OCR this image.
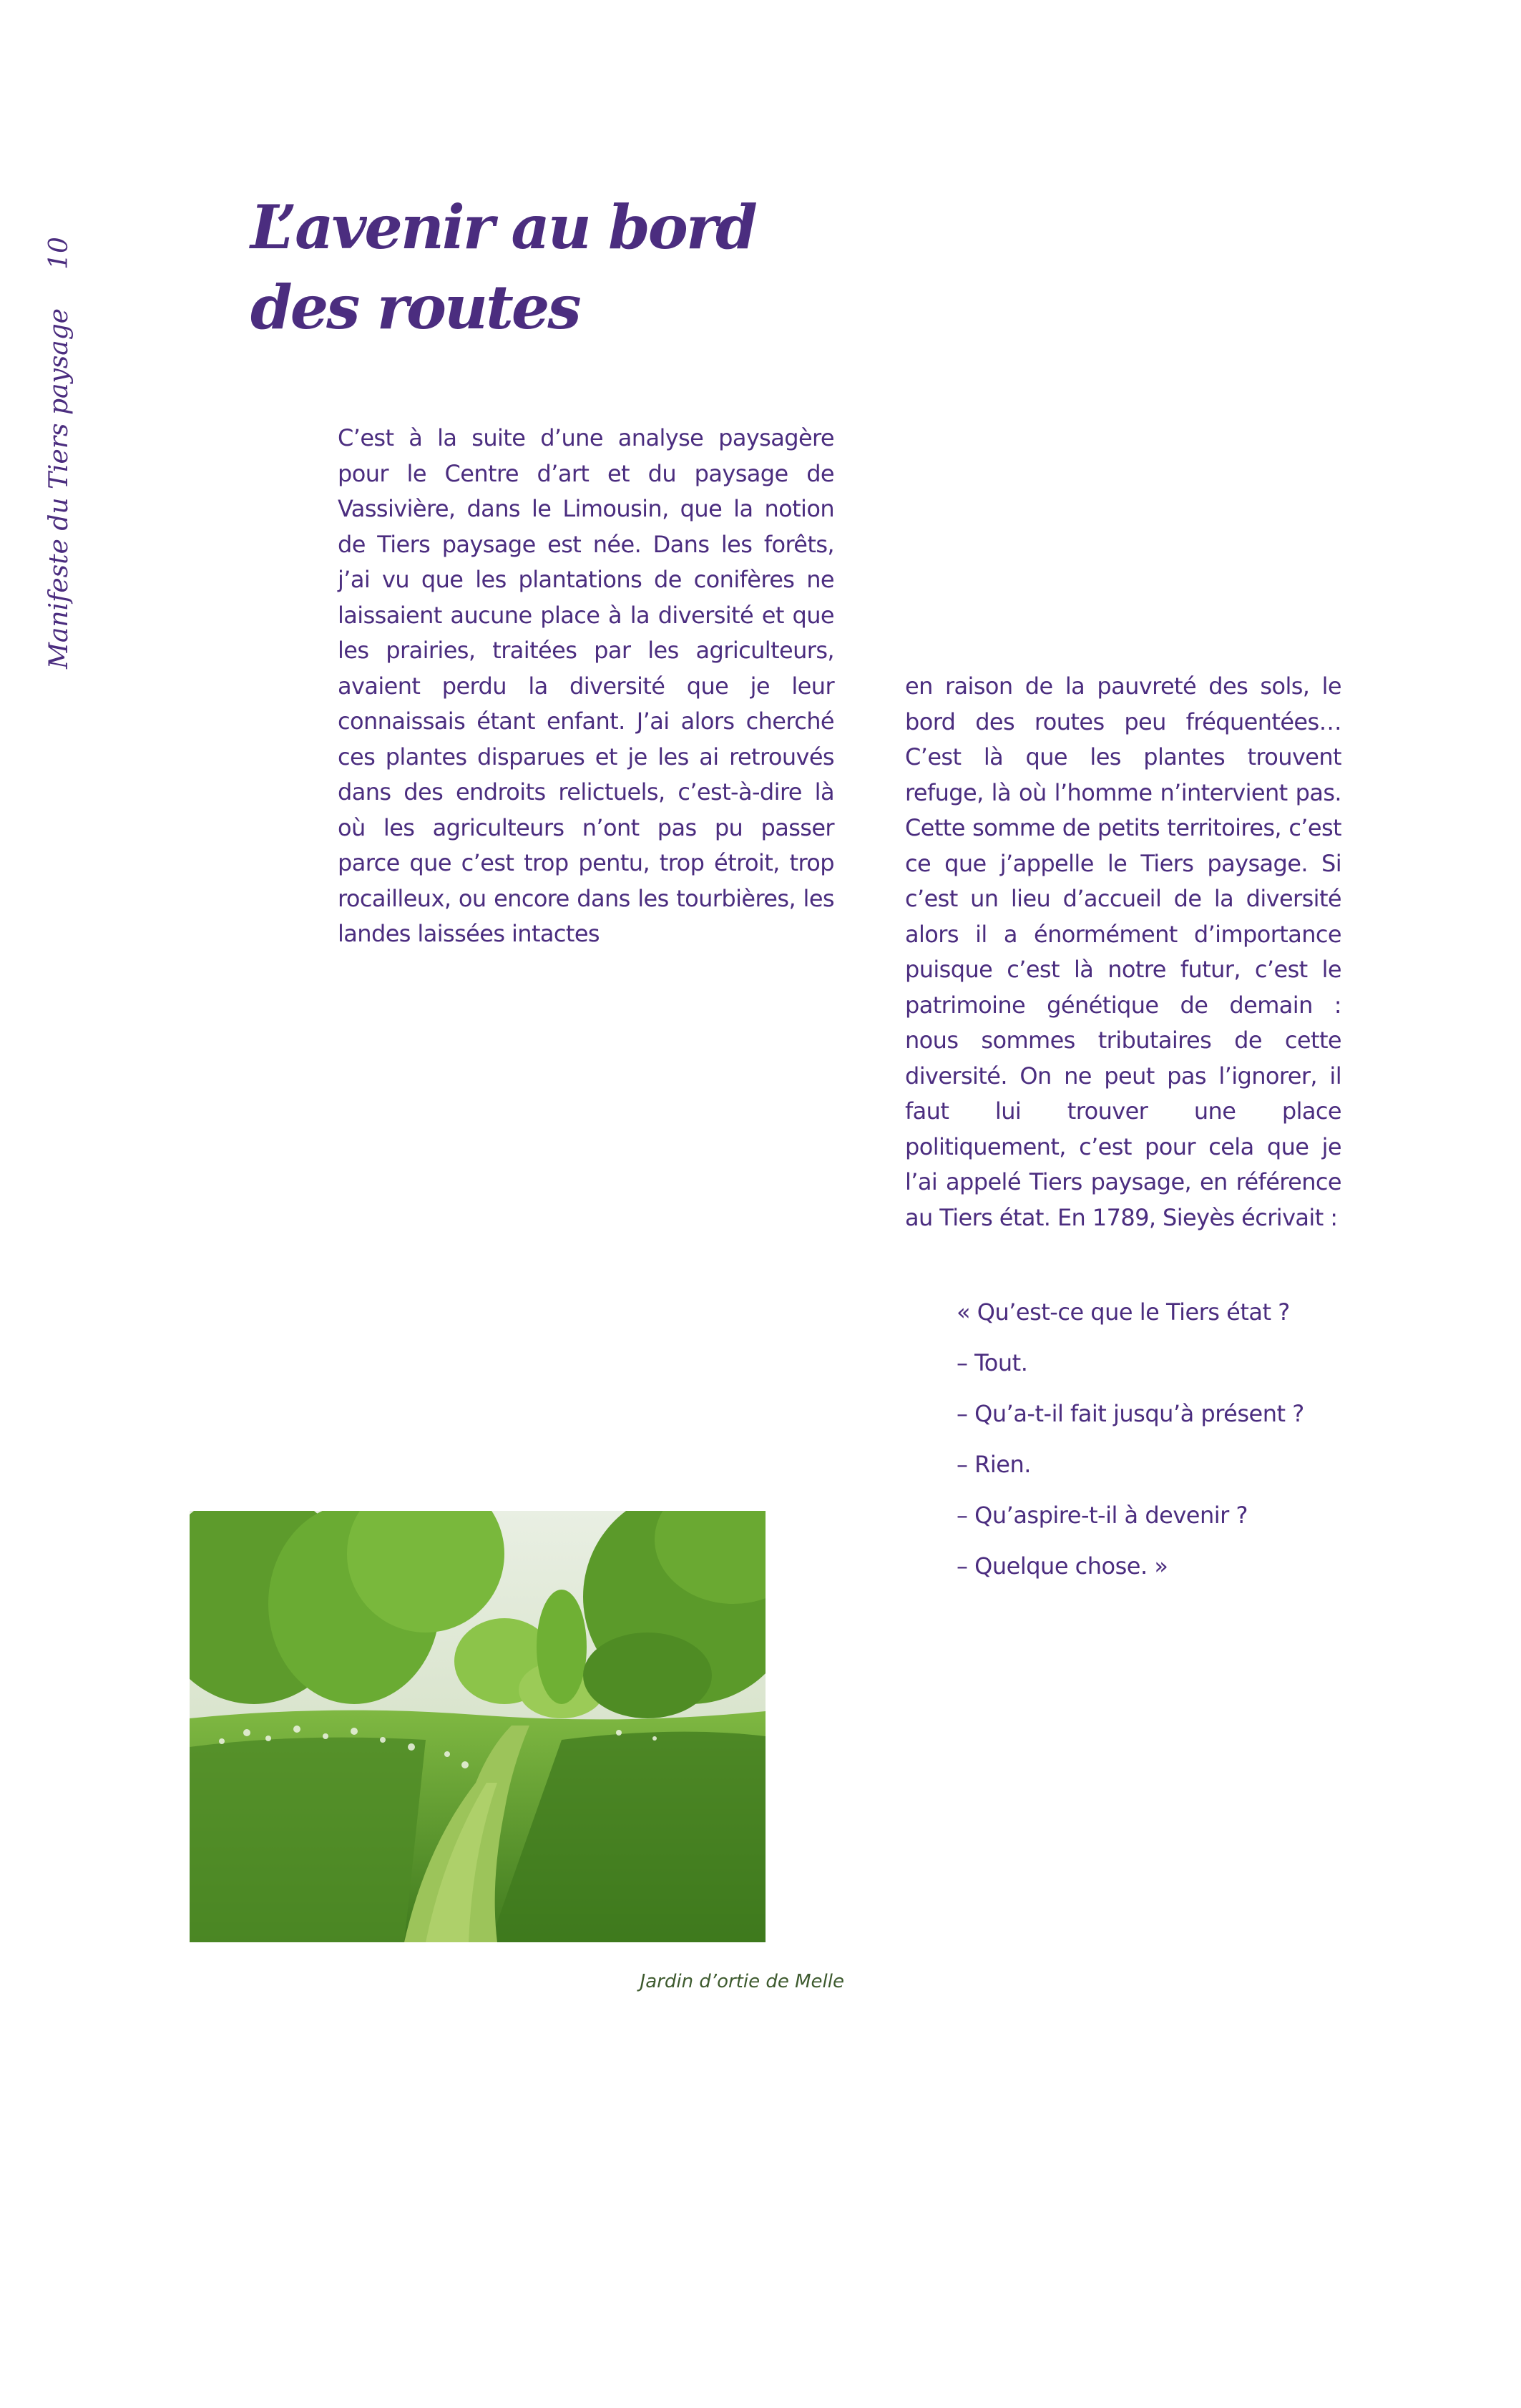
Manifeste du Tiers paysage10	L’avenir au bord
des routes

C’est à la suite d’une analyse paysagère pour le Centre d’art et du paysage de Vassivière, dans le Limousin, que la notion de Tiers paysage est née. Dans les forêts, j’ai vu que les plantations de conifères ne laissaient aucune place à la diversité et que les prairies, traitées par les agriculteurs, avaient perdu la diversité que je leur connaissais étant enfant. J’ai alors cherché ces plantes disparues et je les ai retrouvés dans des endroits relictuels, c’est-à-dire là où les agriculteurs n’ont pas pu passer parce que c’est trop pentu, trop étroit, trop rocailleux, ou encore dans les tourbières, les landes laissées intactes

en raison de la pauvreté des sols, le bord des routes peu fréquentées… C’est là que les plantes trouvent refuge, là où l’homme n’intervient pas. Cette somme de petits territoires, c’est ce que j’appelle le Tiers paysage. Si c’est un lieu d’accueil de la diversité alors il a énormément d’importance puisque c’est là notre futur, c’est le patrimoine génétique de demain : nous sommes tributaires de cette diversité. On ne peut pas l’ignorer, il faut lui trouver une place politiquement, c’est pour cela que je l’ai appelé Tiers paysage, en référence au Tiers état. En 1789, Sieyès écrivait :

« Qu’est-ce que le Tiers état ?
– Tout.
– Qu’a-t-il fait jusqu’à présent ?
– Rien.
– Qu’aspire-t-il à devenir ?
– Quelque chose. »
Jardin d’ortie de Melle
